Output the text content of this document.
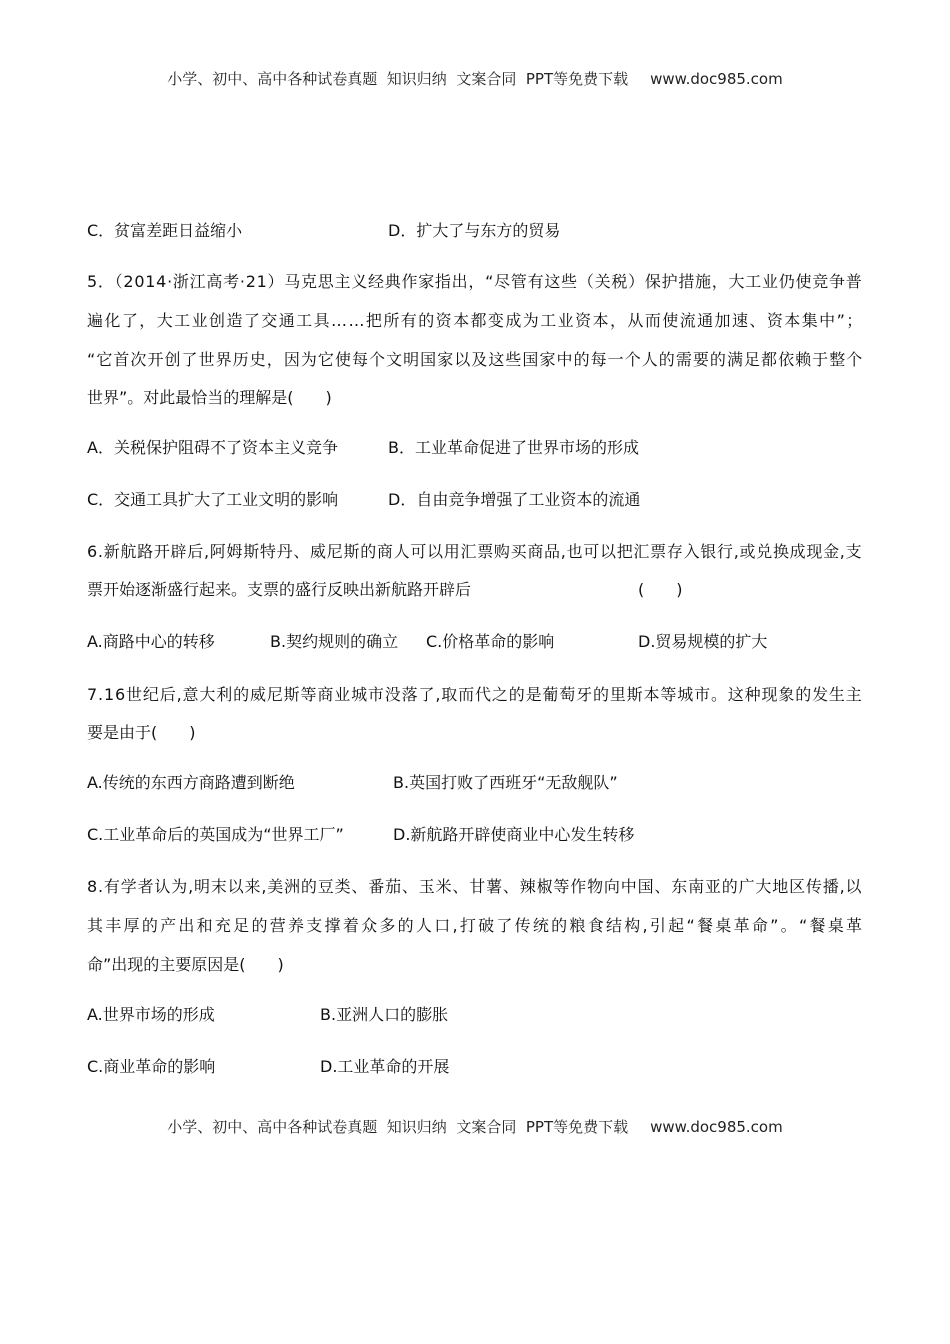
小学、初中、高中各种试卷真题  知识归纳  文案合同  PPT等免费下载 www.doc985.com
C．贫富差距日益缩小	D．扩大了与东方的贸易
5．（2014·浙江高考·21）马克思主义经典作家指出，“尽管有这些（关税）保护措施，大工业仍使竞争普
遍化了，大工业创造了交通工具……把所有的资本都变成为工业资本，从而使流通加速、资本集中”；
“它首次开创了世界历史，因为它使每个文明国家以及这些国家中的每一个人的需要的满足都依赖于整个
世界”。对此最恰当的理解是(　　)
A．关税保护阻碍不了资本主义竞争	B．工业革命促进了世界市场的形成
C．交通工具扩大了工业文明的影响	D．自由竞争增强了工业资本的流通
6.新航路开辟后,阿姆斯特丹、威尼斯的商人可以用汇票购买商品,也可以把汇票存入银行,或兑换成现金,支
票开始逐渐盛行起来。支票的盛行反映出新航路开辟后	(　　)
A.商路中心的转移	B.契约规则的确立 C.价格革命的影响	D.贸易规模的扩大
7.16世纪后,意大利的威尼斯等商业城市没落了,取而代之的是葡萄牙的里斯本等城市。这种现象的发生主
要是由于(　　)
A.传统的东西方商路遭到断绝	B.英国打败了西班牙“无敌舰队”
C.工业革命后的英国成为“世界工厂”	D.新航路开辟使商业中心发生转移
8.有学者认为,明末以来,美洲的豆类、番茄、玉米、甘薯、辣椒等作物向中国、东南亚的广大地区传播,以
其丰厚的产出和充足的营养支撑着众多的人口,打破了传统的粮食结构,引起“餐桌革命”。“餐桌革
命”出现的主要原因是(　　)
A.世界市场的形成	B.亚洲人口的膨胀
C.商业革命的影响	D.工业革命的开展
小学、初中、高中各种试卷真题  知识归纳  文案合同  PPT等免费下载 www.doc985.com
